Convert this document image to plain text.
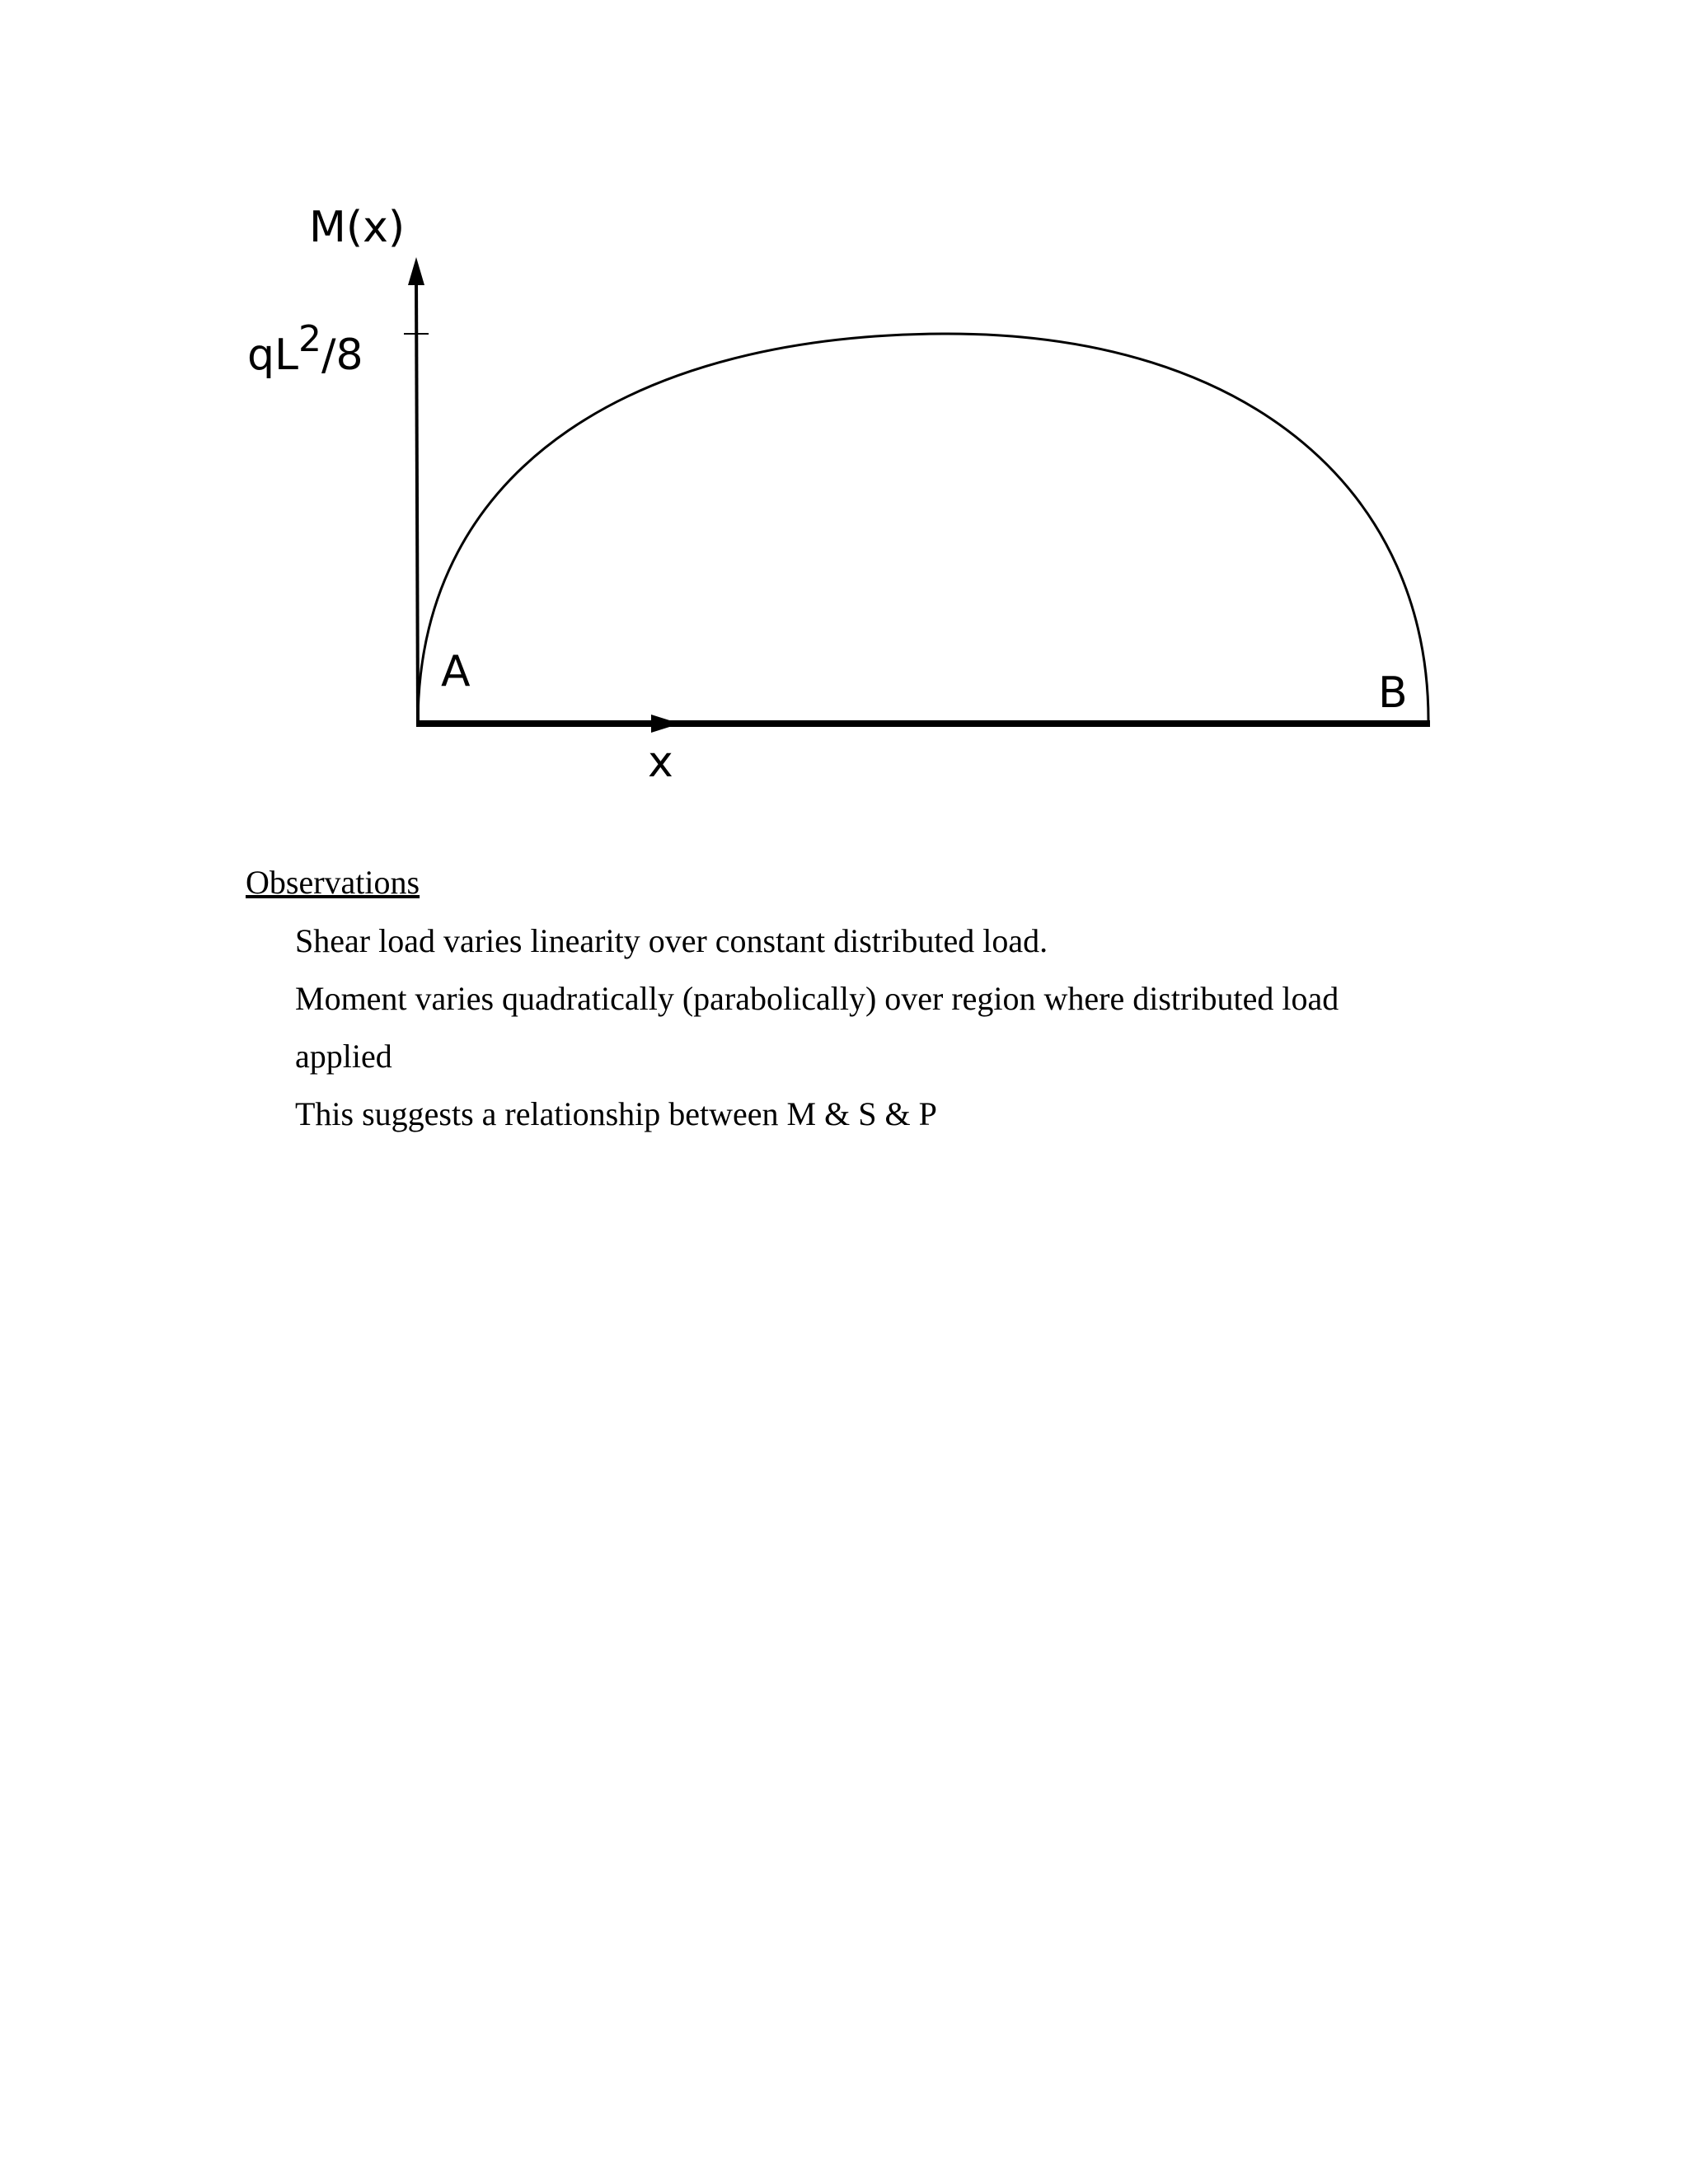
M(x)
$qL^2/8$
x
A	B
Observations

Shear load varies linearity over constant distributed load.

Moment varies quadratically (parabolically) over region where distributed load

applied

This suggests a relationship between M & S & P
